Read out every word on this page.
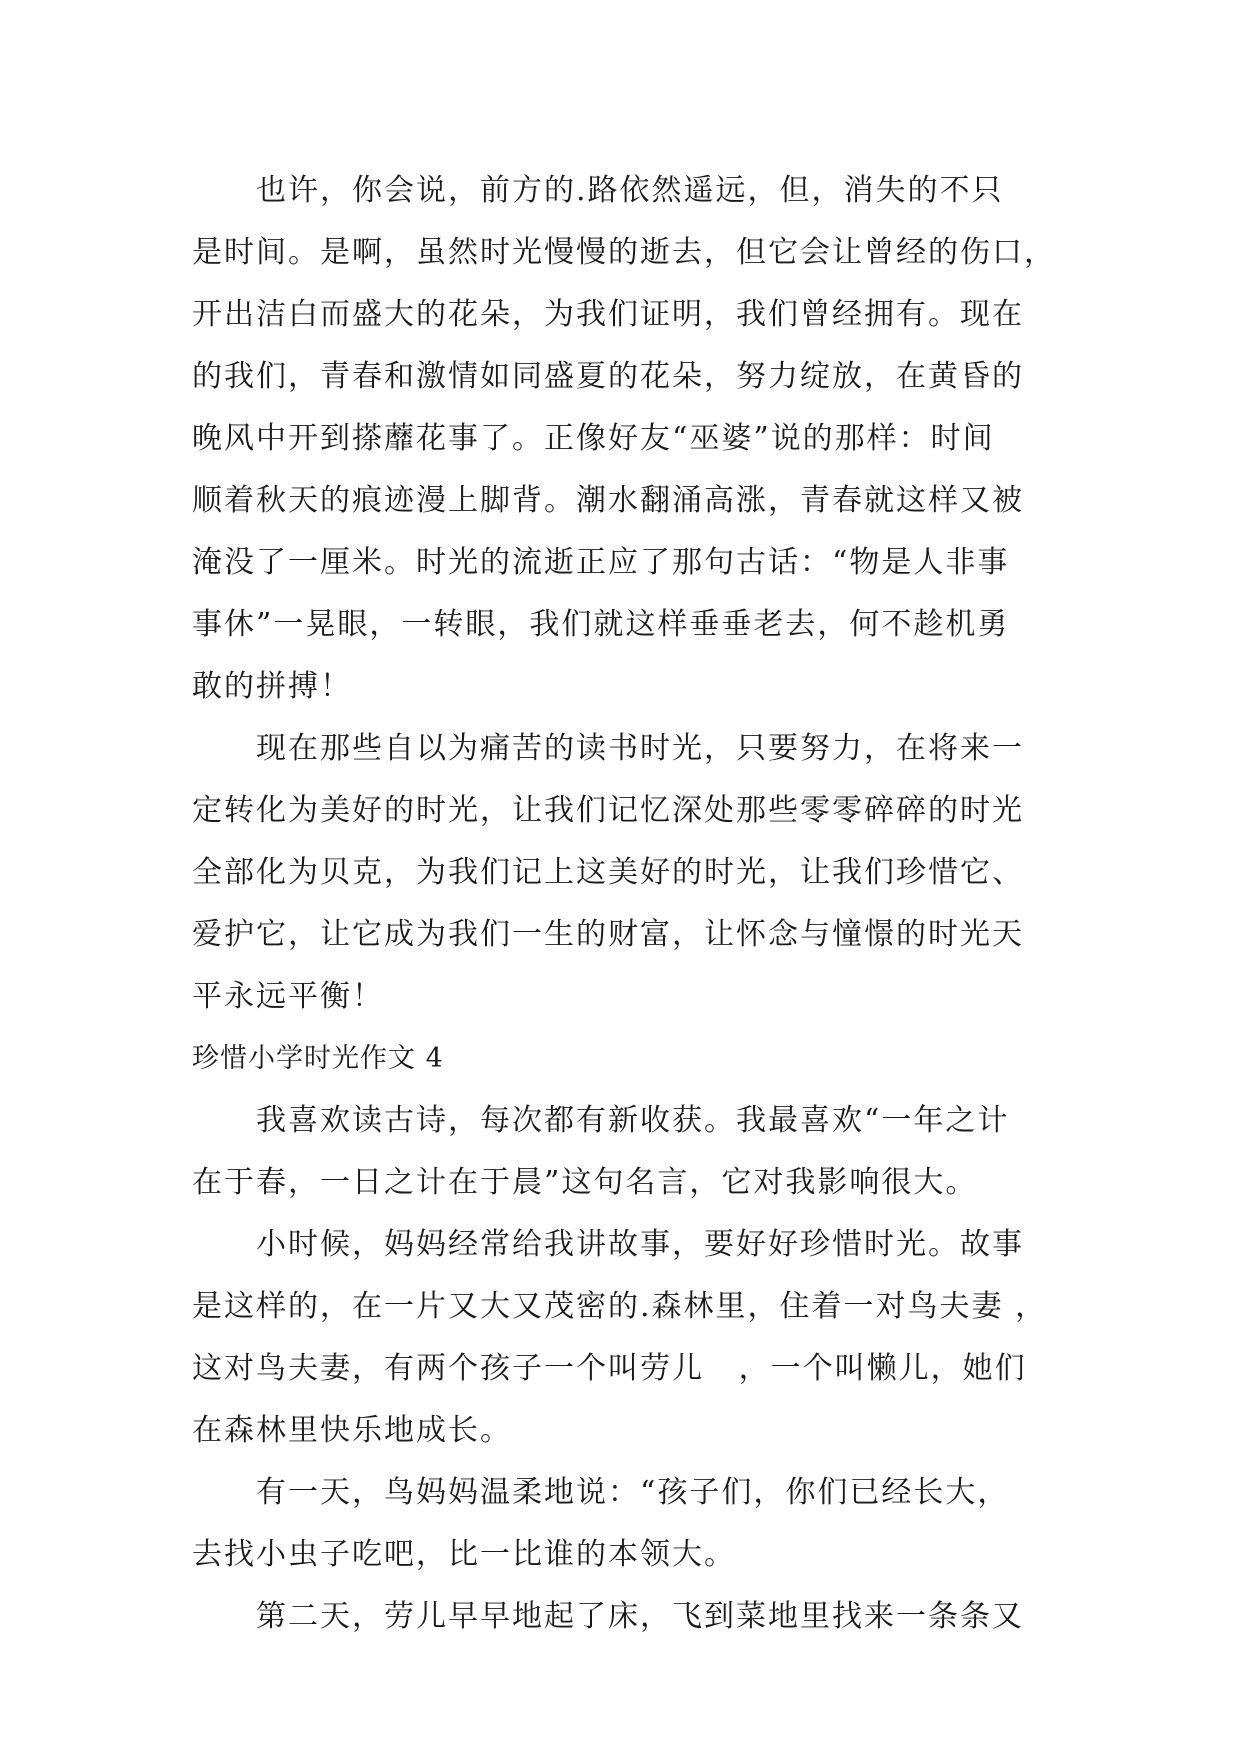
也许，你会说，前方的.路依然遥远，但，消失的不只
是时间。是啊，虽然时光慢慢的逝去，但它会让曾经的伤口，
开出洁白而盛大的花朵，为我们证明，我们曾经拥有。现在
的我们，青春和激情如同盛夏的花朵，努力绽放，在黄昏的
晚风中开到搽蘼花事了。正像好友“巫婆”说的那样：时间
顺着秋天的痕迹漫上脚背。潮水翻涌高涨，青春就这样又被
淹没了一厘米。时光的流逝正应了那句古话：“物是人非事
事休”一晃眼，一转眼，我们就这样垂垂老去，何不趁机勇
敢的拼搏！
现在那些自以为痛苦的读书时光，只要努力，在将来一
定转化为美好的时光，让我们记忆深处那些零零碎碎的时光
全部化为贝克，为我们记上这美好的时光，让我们珍惜它、
爱护它，让它成为我们一生的财富，让怀念与憧憬的时光天
平永远平衡！
珍惜小学时光作文 4
我喜欢读古诗，每次都有新收获。我最喜欢“一年之计
在于春，一日之计在于晨”这句名言，它对我影响很大。
小时候，妈妈经常给我讲故事，要好好珍惜时光。故事
是这样的，在一片又大又茂密的.森林里，住着一对鸟夫妻 ，
这对鸟夫妻，有两个孩子一个叫劳儿   ，一个叫懒儿，她们
在森林里快乐地成长。
有一天，鸟妈妈温柔地说：“孩子们，你们已经长大，
去找小虫子吃吧，比一比谁的本领大。
第二天，劳儿早早地起了床，飞到菜地里找来一条条又
